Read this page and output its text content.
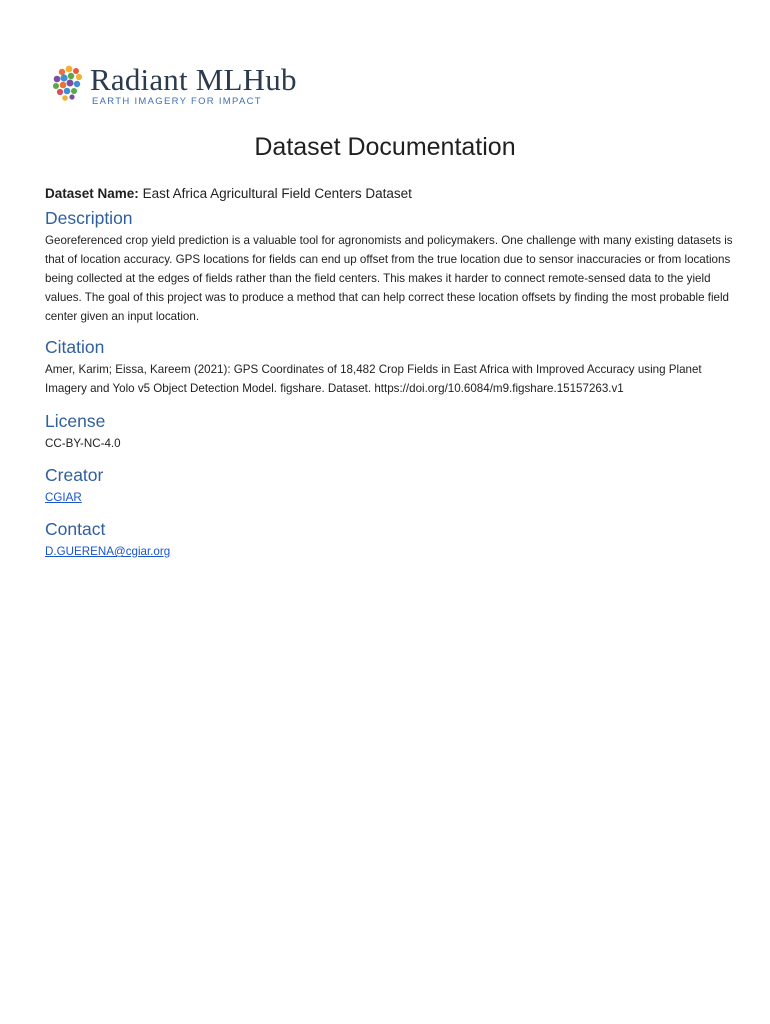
Radiant MLHub
EARTH IMAGERY FOR IMPACT
Dataset Documentation

Dataset Name: East Africa Agricultural Field Centers Dataset

Description

Georeferenced crop yield prediction is a valuable tool for agronomists and policymakers. One challenge with many existing datasets is that of location accuracy. GPS locations for fields can end up offset from the true location due to sensor inaccuracies or from locations being collected at the edges of fields rather than the field centers. This makes it harder to connect remote-sensed data to the yield values. The goal of this project was to produce a method that can help correct these location offsets by finding the most probable field center given an input location.

Citation

Amer, Karim; Eissa, Kareem (2021): GPS Coordinates of 18,482 Crop Fields in East Africa with Improved Accuracy using Planet Imagery and Yolo v5 Object Detection Model. figshare. Dataset. https://doi.org/10.6084/m9.figshare.15157263.v1

License

CC-BY-NC-4.0

Creator

CGIAR

Contact

D.GUERENA@cgiar.org
